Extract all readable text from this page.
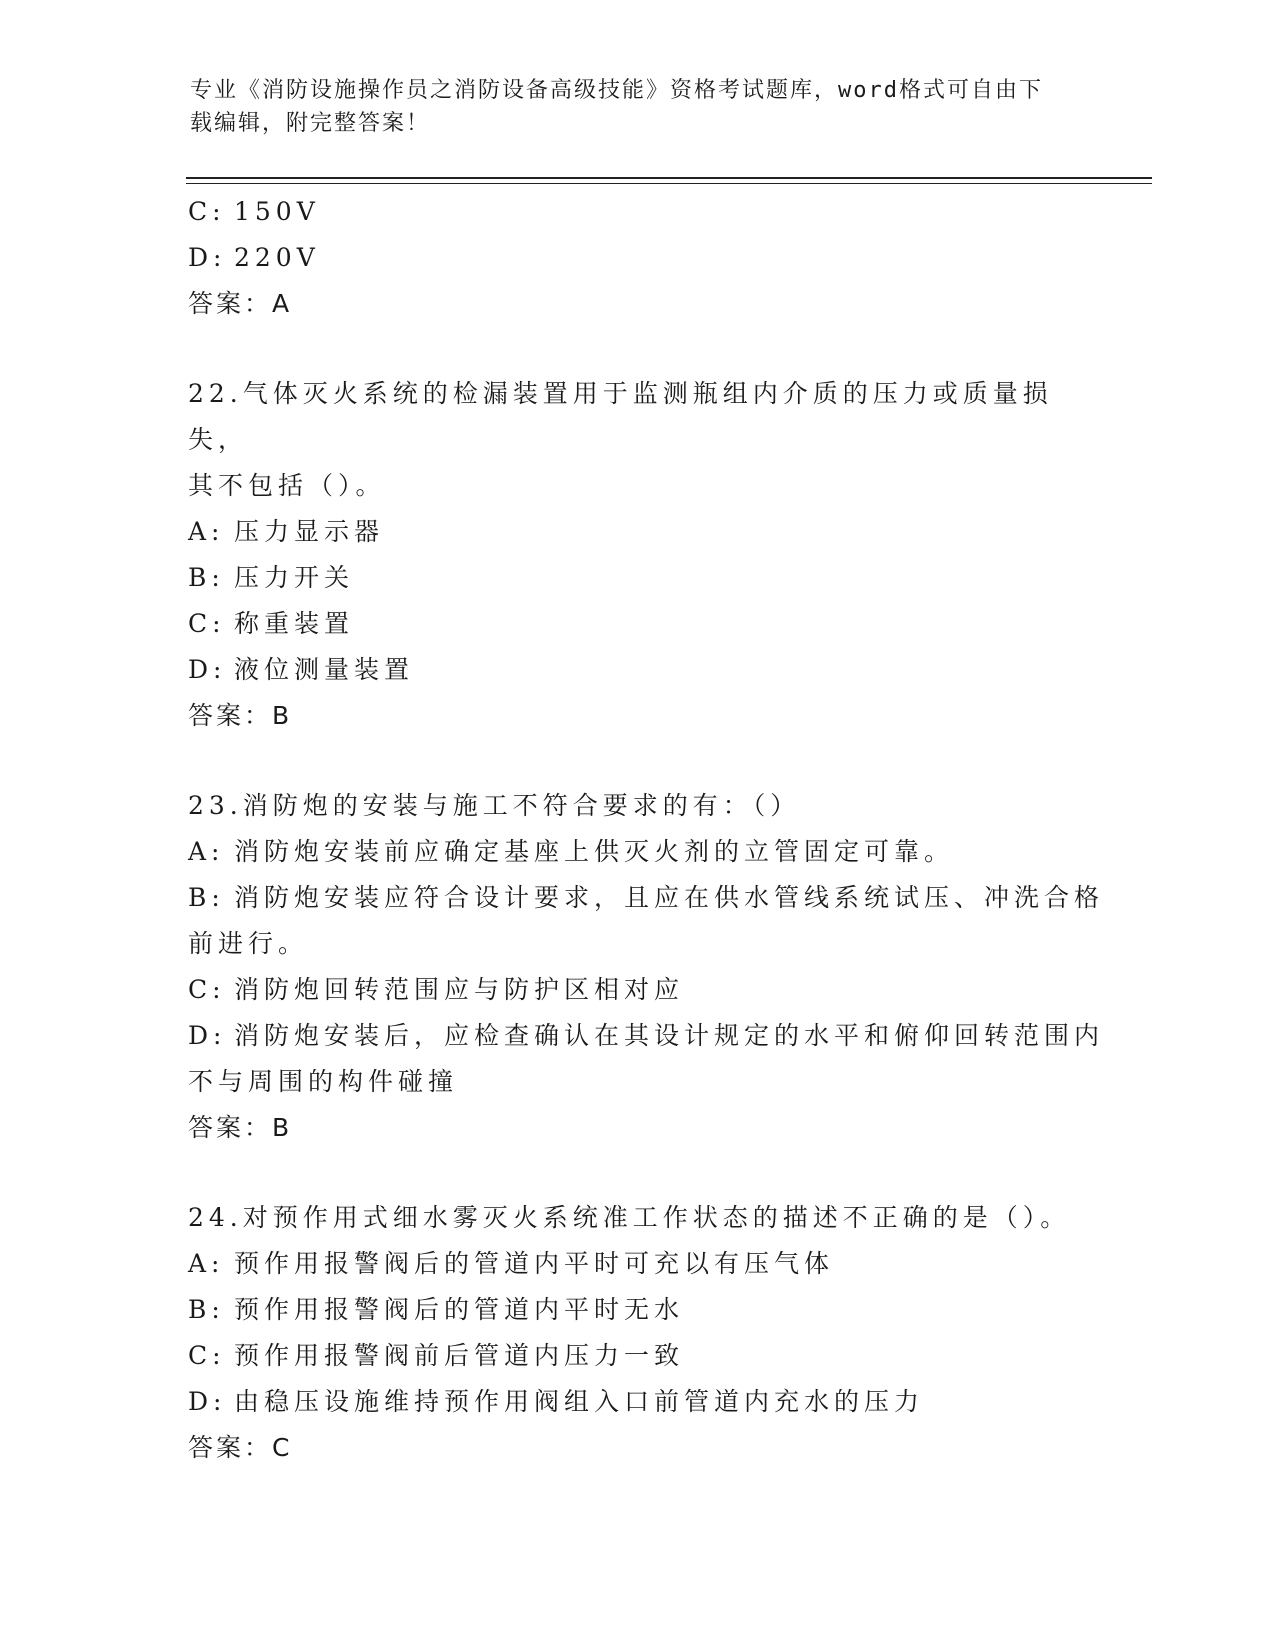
专业《消防设施操作员之消防设备高级技能》资格考试题库，word格式可自由下
载编辑，附完整答案！
C: 150V
D: 220V
答案：A
22.气体灭火系统的检漏装置用于监测瓶组内介质的压力或质量损失，
其不包括（）。
A: 压力显示器
B: 压力开关
C: 称重装置
D: 液位测量装置
答案：B
23.消防炮的安装与施工不符合要求的有：（）
A: 消防炮安装前应确定基座上供灭火剂的立管固定可靠。
B: 消防炮安装应符合设计要求，且应在供水管线系统试压、冲洗合格
前进行。
C: 消防炮回转范围应与防护区相对应
D: 消防炮安装后，应检查确认在其设计规定的水平和俯仰回转范围内
不与周围的构件碰撞
答案：B
24.对预作用式细水雾灭火系统准工作状态的描述不正确的是（）。
A: 预作用报警阀后的管道内平时可充以有压气体
B: 预作用报警阀后的管道内平时无水
C: 预作用报警阀前后管道内压力一致
D: 由稳压设施维持预作用阀组入口前管道内充水的压力
答案：C
